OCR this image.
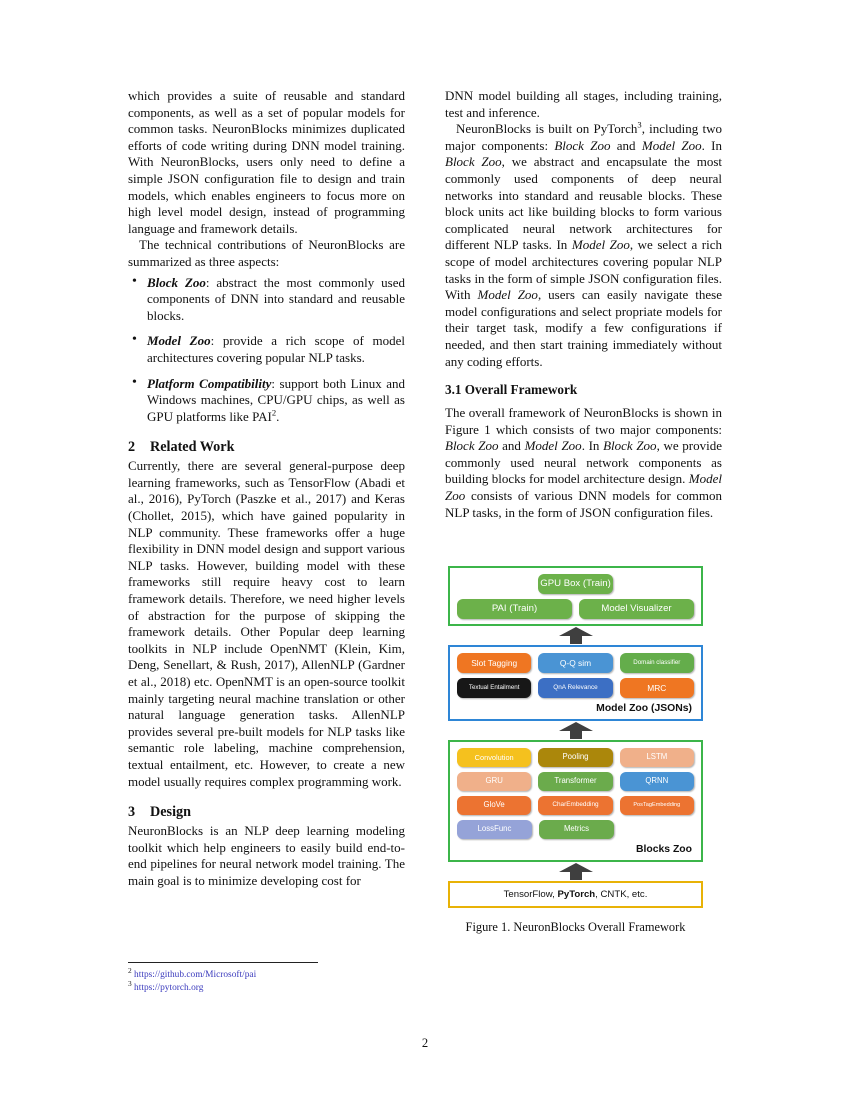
which provides a suite of reusable and standard components, as well as a set of popular models for common tasks. NeuronBlocks minimizes duplicated efforts of code writing during DNN model training. With NeuronBlocks, users only need to define a simple JSON configuration file to design and train models, which enables engineers to focus more on high level model design, instead of programming language and framework details.

The technical contributions of NeuronBlocks are summarized as three aspects:

• Block Zoo: abstract the most commonly used components of DNN into standard and reusable blocks.
• Model Zoo: provide a rich scope of model architectures covering popular NLP tasks.
• Platform Compatibility: support both Linux and Windows machines, CPU/GPU chips, as well as GPU platforms like PAI$^2$.
2 Related Work

Currently, there are several general-purpose deep learning frameworks, such as TensorFlow (Abadi et al., 2016), PyTorch (Paszke et al., 2017) and Keras (Chollet, 2015), which have gained popularity in NLP community. These frameworks offer a huge flexibility in DNN model design and support various NLP tasks. However, building model with these frameworks still require heavy cost to learn framework details. Therefore, we need higher levels of abstraction for the purpose of skipping the framework details. Other Popular deep learning toolkits in NLP include OpenNMT (Klein, Kim, Deng, Senellart, & Rush, 2017), AllenNLP (Gardner et al., 2018) etc. OpenNMT is an open-source toolkit mainly targeting neural machine translation or other natural language generation tasks. AllenNLP provides several pre-built models for NLP tasks like semantic role labeling, machine comprehension, textual entailment, etc. However, to create a new model usually requires complex programming work.

3 Design

NeuronBlocks is an NLP deep learning modeling toolkit which help engineers to easily build end-to-end pipelines for neural network model training. The main goal is to minimize developing cost for

DNN model building all stages, including training, test and inference.

NeuronBlocks is built on PyTorch$^3$, including two major components: Block Zoo and Model Zoo. In Block Zoo, we abstract and encapsulate the most commonly used components of deep neural networks into standard and reusable blocks. These block units act like building blocks to form various complicated neural network architectures for different NLP tasks. In Model Zoo, we select a rich scope of model architectures covering popular NLP tasks in the form of simple JSON configuration files. With Model Zoo, users can easily navigate these model configurations and select propriate models for their target task, modify a few configurations if needed, and then start training immediately without any coding efforts.

3.1 Overall Framework

The overall framework of NeuronBlocks is shown in Figure 1 which consists of two major components: Block Zoo and Model Zoo. In Block Zoo, we provide commonly used neural network components as building blocks for model architecture design. Model Zoo consists of various DNN models for common NLP tasks, in the form of JSON configuration files.

GPU Box (Train)
PAI (Train)	Model Visualizer
Slot Tagging	Q-Q sim	Domain classifier
Textual Entailment	QnA Relevance	MRC
Model Zoo (JSONs)
Convolution	Pooling	LSTM
GRU	Transformer	QRNN
GloVe	CharEmbedding	PosTagEmbedding
LossFunc	Metrics
Blocks Zoo
TensorFlow, PyTorch, CNTK, etc.
Figure 1. NeuronBlocks Overall Framework
$^2$ https://github.com/Microsoft/pai
$^3$ https://pytorch.org
2
